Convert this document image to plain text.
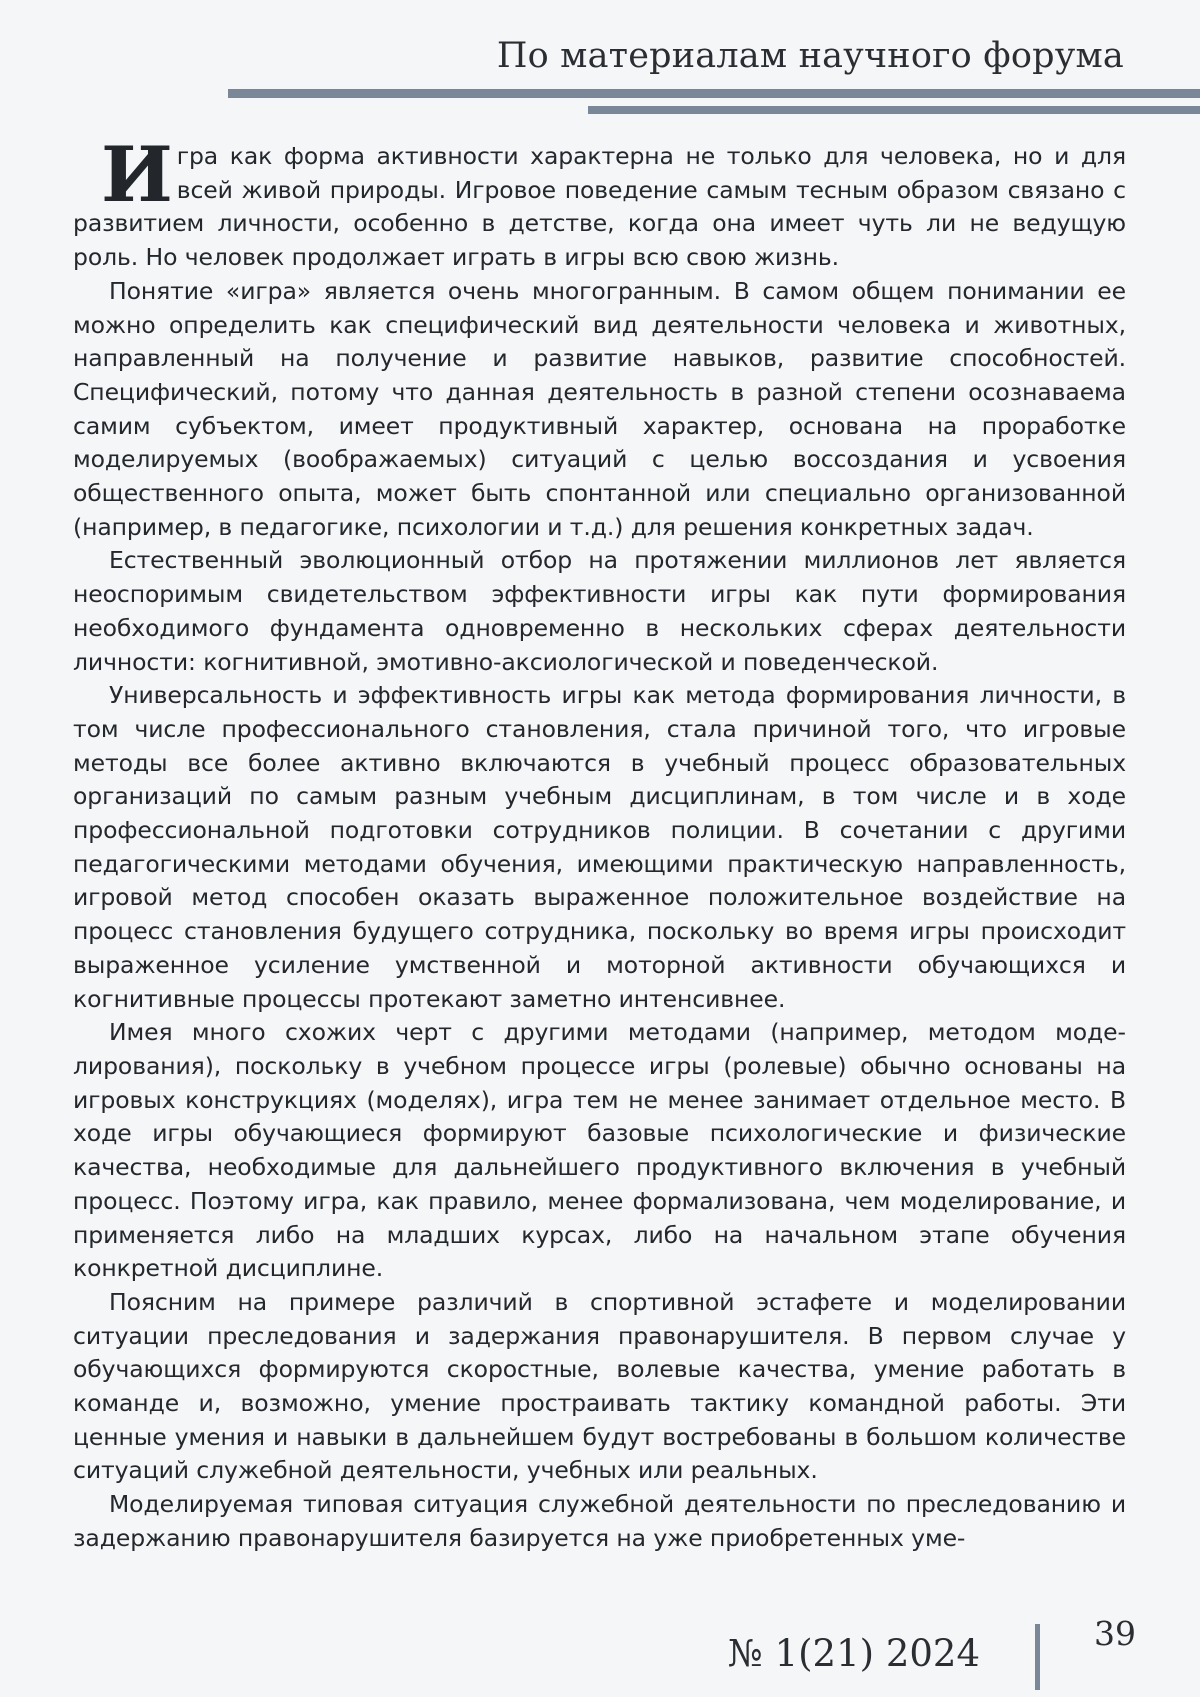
По материалам научного форума

Игра как форма активности характерна не только для человека, но и для всей живой природы. Игровое поведение самым тесным образом связано с развитием личности, особенно в детстве, когда она имеет чуть ли не ведущую роль. Но человек продолжает играть в игры всю свою жизнь.

Понятие «игра» является очень многогранным. В самом общем понимании ее можно определить как специфический вид деятельности человека и животных, направленный на получение и развитие навыков, развитие способностей. Специфический, потому что данная деятельность в разной степени осознаваема самим субъектом, имеет продуктивный характер, основана на проработке моделируемых (воображаемых) ситуаций с целью воссоздания и усвоения общественного опыта, может быть спонтанной или специально организованной (например, в педагогике, психологии и т.д.) для решения конкретных задач.

Естественный эволюционный отбор на протяжении миллионов лет является неоспоримым свидетельством эффективности игры как пути формирования необходимого фундамента одновременно в нескольких сферах деятельности личности: когнитивной, эмотивно-аксиологической и поведенческой.

Универсальность и эффективность игры как метода формирования личности, в том числе профессионального становления, стала причиной того, что игровые методы все более активно включаются в учебный процесс образовательных организаций по самым разным учебным дисциплинам, в том числе и в ходе профессиональной подготовки сотрудников полиции. В сочетании с другими педагогическими методами обучения, имеющими практическую направленность, игровой метод способен оказать выраженное положительное воздействие на процесс становления будущего сотрудника, поскольку во время игры происходит выраженное усиление умственной и моторной активности обучающихся и когнитивные процессы протекают заметно интенсивнее.

Имея много схожих черт с другими методами (например, методом моделирования), поскольку в учебном процессе игры (ролевые) обычно основаны на игровых конструкциях (моделях), игра тем не менее занимает отдельное место. В ходе игры обучающиеся формируют базовые психологические и физические качества, необходимые для дальнейшего продуктивного включения в учебный процесс. Поэтому игра, как правило, менее формализована, чем моделирование, и применяется либо на младших курсах, либо на начальном этапе обучения конкретной дисциплине.

Поясним на примере различий в спортивной эстафете и моделировании ситуации преследования и задержания правонарушителя. В первом случае у обучающихся формируются скоростные, волевые качества, умение работать в команде и, возможно, умение простраивать тактику командной работы. Эти ценные умения и навыки в дальнейшем будут востребованы в большом количестве ситуаций служебной деятельности, учебных или реальных.

Моделируемая типовая ситуация служебной деятельности по преследованию и задержанию правонарушителя базируется на уже приобретенных уме-

№ 1(21) 2024	39
